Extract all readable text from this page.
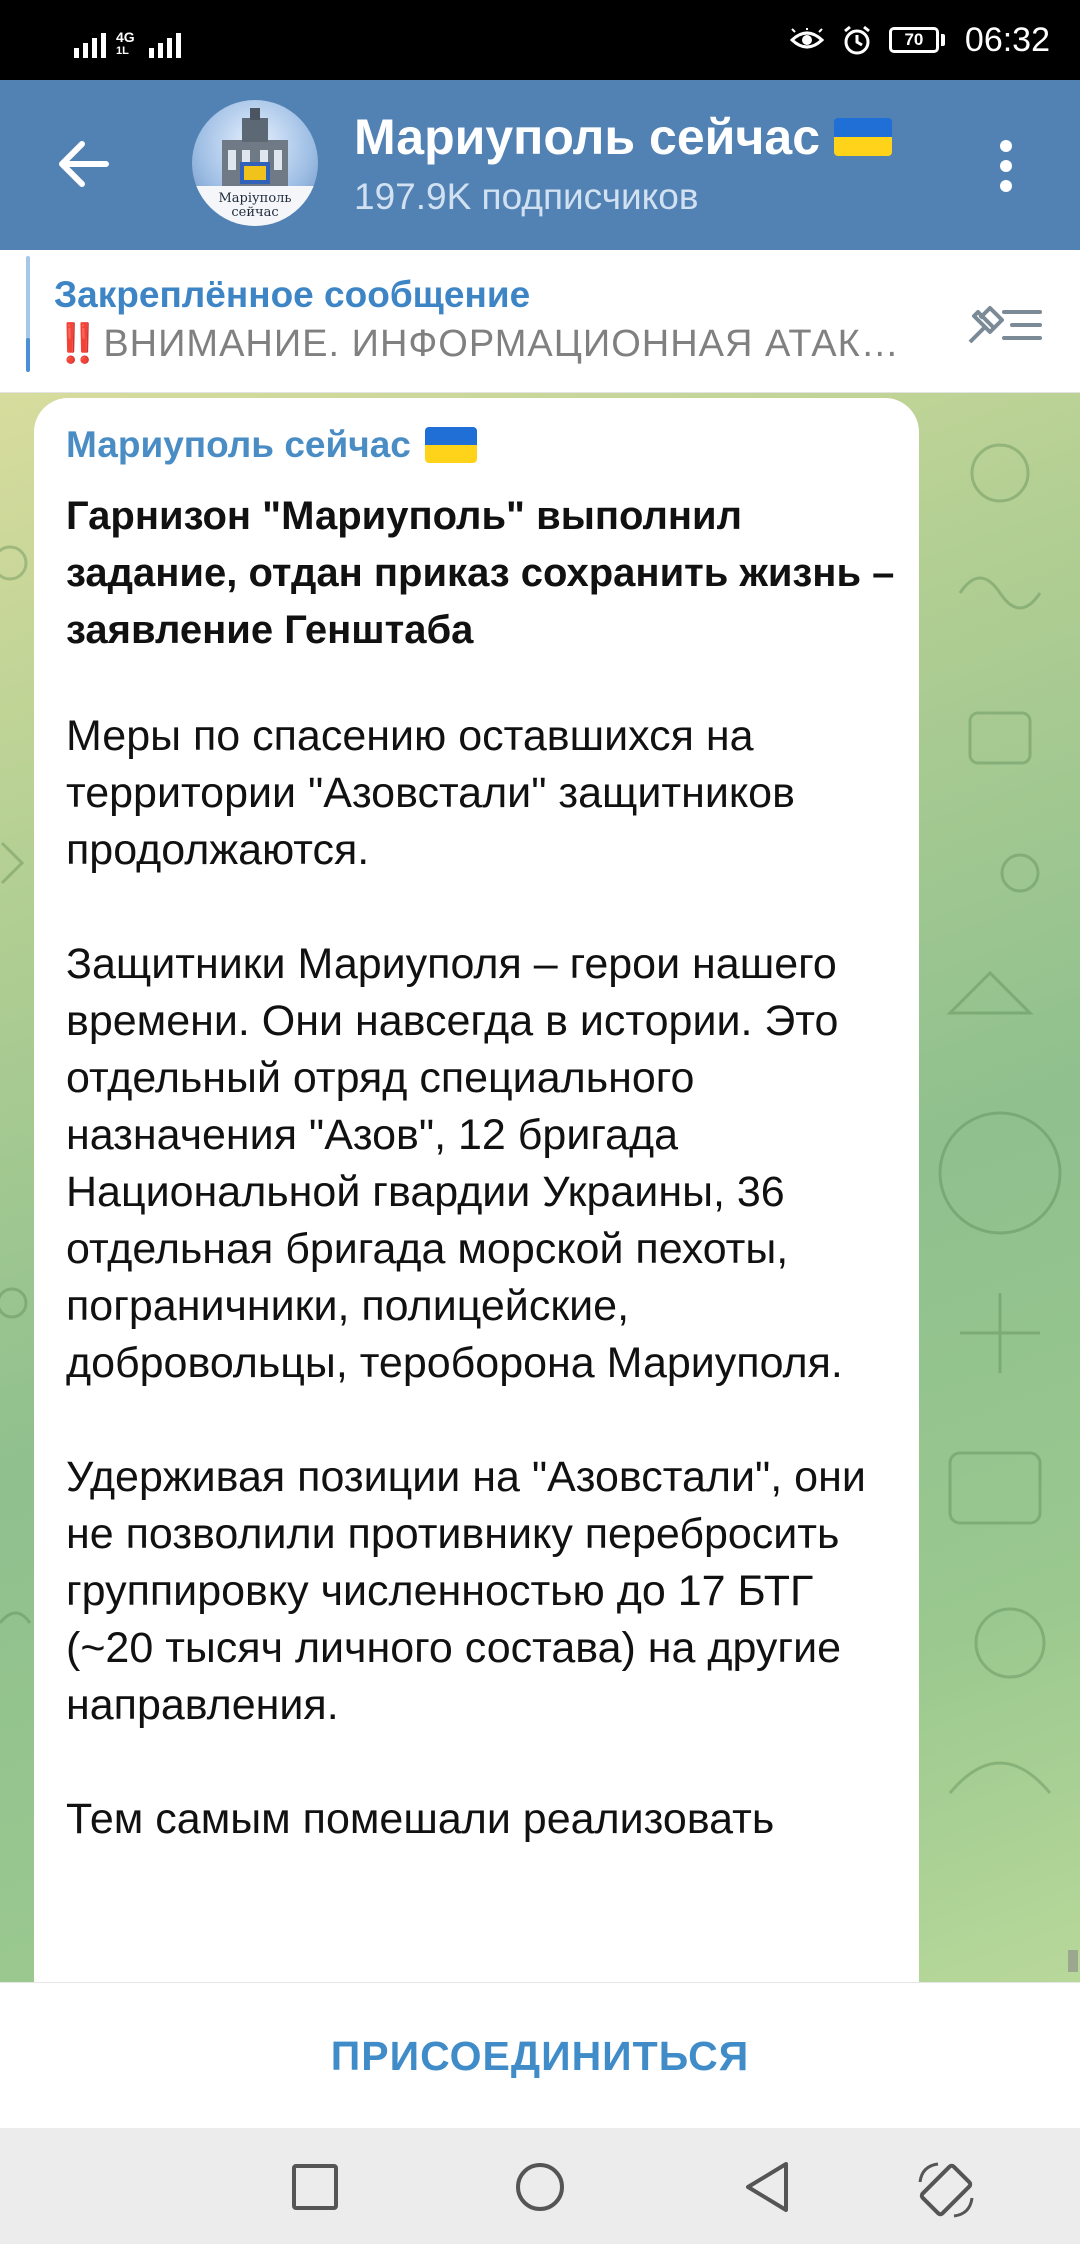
4G
1L
70	06:32
Маріуполь
сейчас
Мариуполь сейчас
197.9K подписчиков
Закреплённое сообщение
‼️ ВНИМАНИЕ. ИНФОРМАЦИОННАЯ АТАК…
Мариуполь сейчас
Гарнизон "Мариуполь" выполнил задание, отдан приказ сохранить жизнь – заявление Генштаба

Меры по спасению оставшихся на территории "Азовстали" защитников продолжаются.

Защитники Мариуполя – герои нашего времени. Они навсегда в истории. Это отдельный отряд специального назначения "Азов", 12 бригада Национальной гвардии Украины, 36 отдельная бригада морской пехоты, пограничники, полицейские, добровольцы, тероборона Мариуполя.

Удерживая позиции на "Азовстали", они не позволили противнику перебросить группировку численностью до 17 БТГ (~20 тысяч личного состава) на другие направления.

Тем самым помешали реализовать

ПРИСОЕДИНИТЬСЯ
